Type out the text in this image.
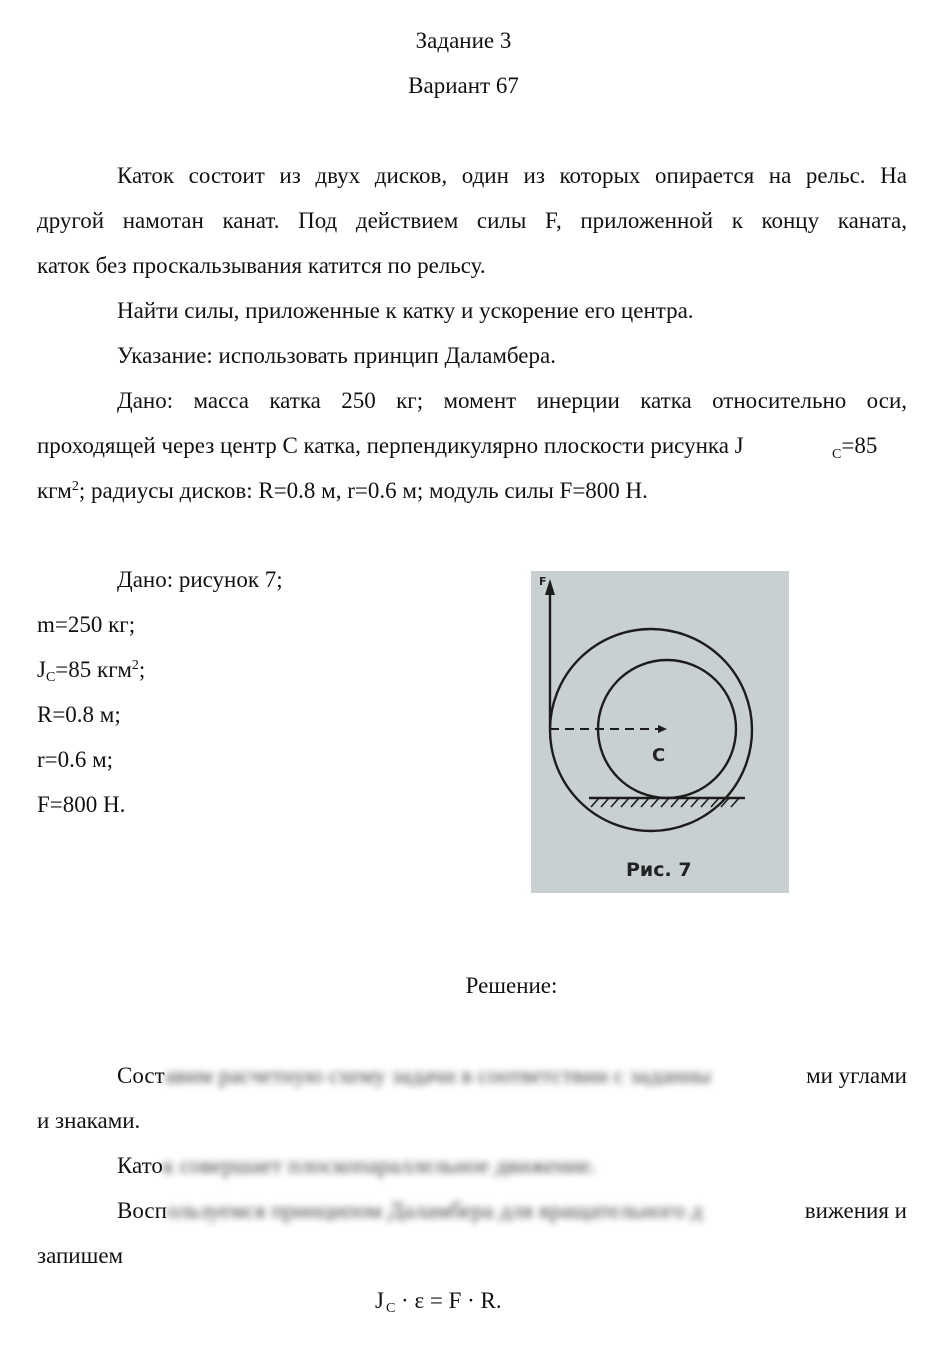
Задание 3
Вариант 67
Каток состоит из двух дисков, один из которых опирается на рельс. На
другой намотан канат. Под действием силы F, приложенной к концу каната,
каток без проскальзывания катится по рельсу.
Найти силы, приложенные к катку и ускорение его центра.
Указание: использовать принцип Даламбера.
Дано: масса катка 250 кг; момент инерции катка относительно оси,
проходящей через центр С катка, перпендикулярно плоскости рисунка J	$_C$=85
кгм$^2$; радиусы дисков: R=0.8 м, r=0.6 м; модуль силы F=800 Н.
Дано: рисунок 7;
m=250 кг;
$J_C=85$ кгм$^2$;
R=0.8 м;
r=0.6 м;
F=800 Н.
F
C
Рис. 7
Решение:
Составим расчетную схему задачи в соответствии с заданны	ми углами
и знаками.
Каток совершает плоскопараллельное движение.
Воспользуемся принципом Даламбера для вращательного д	вижения и
запишем
J $_C$ · ε = F · R.
